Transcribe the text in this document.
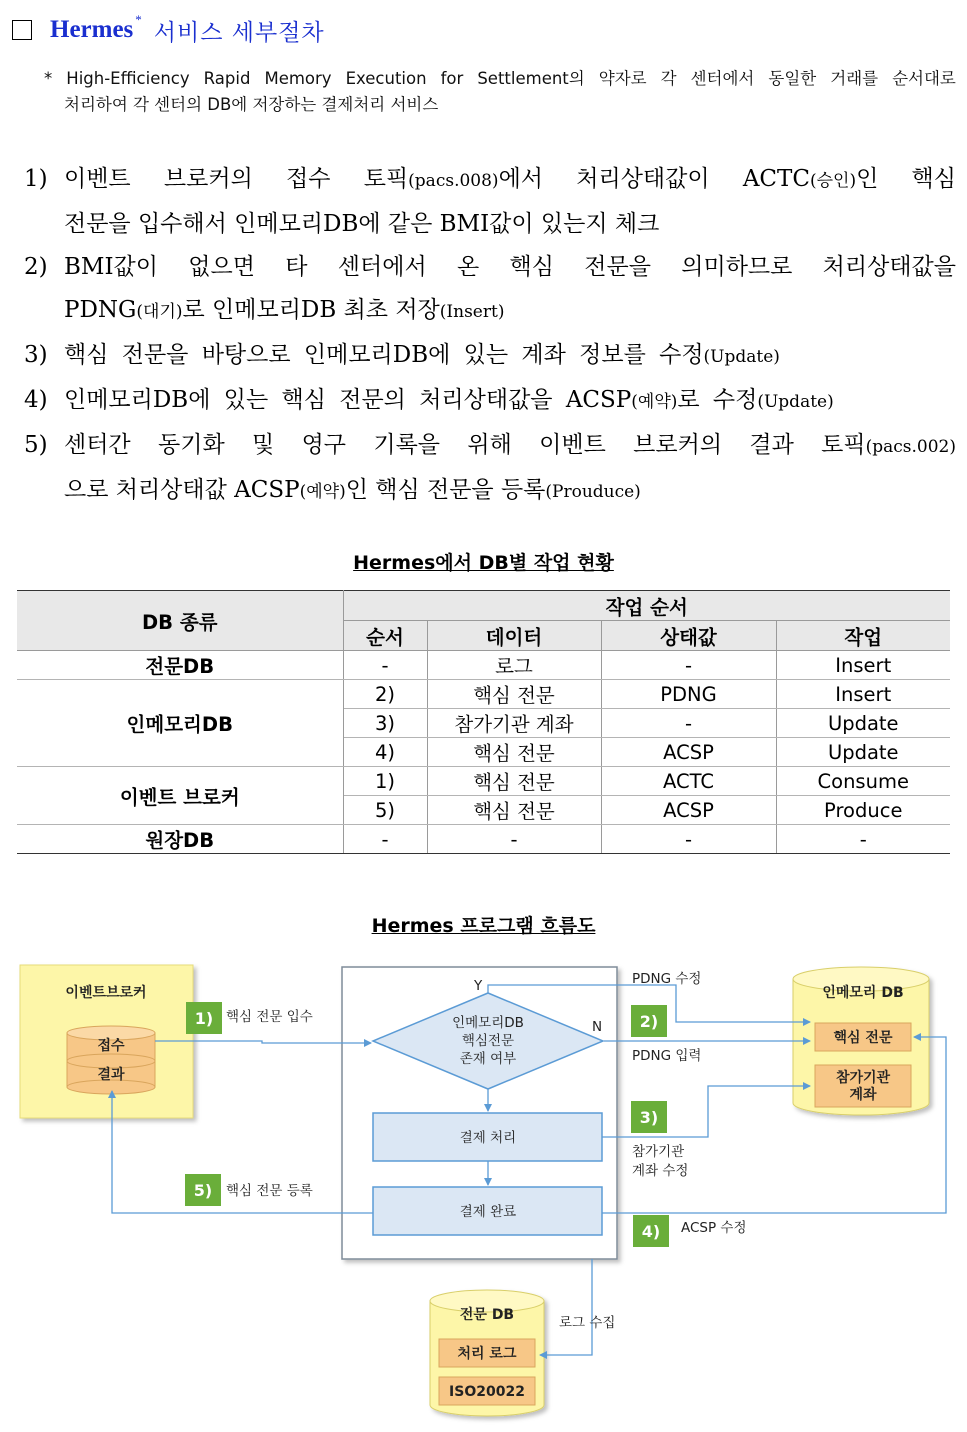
Hermes * 서비스 세부절차
* High-Efficiency Rapid Memory Execution for Settlement의 약자로 각 센터에서 동일한 거래를 순서대로
처리하여 각 센터의 DB에 저장하는 결제처리 서비스
1) 이벤트 브로커의 접수 토픽(pacs.008)에서 처리상태값이 ACTC(승인)인 핵심
전문을 입수해서 인메모리DB에 같은 BMI값이 있는지 체크
2) BMI값이 없으면 타 센터에서 온 핵심 전문을 의미하므로 처리상태값을
PDNG(대기)로 인메모리DB 최초 저장(Insert)
3) 핵심 전문을 바탕으로 인메모리DB에 있는 계좌 정보를 수정(Update)
4) 인메모리DB에 있는 핵심 전문의 처리상태값을 ACSP(예약)로 수정(Update)
5) 센터간 동기화 및 영구 기록을 위해 이벤트 브로커의 결과 토픽(pacs.002)
으로 처리상태값 ACSP(예약)인 핵심 전문을 등록(Prouduce)
Hermes에서 DB별 작업 현황
DB 종류	작업 순서			
	순서	데이터	상태값	작업
전문DB	-	로그	-	Insert
인메모리DB	2)	핵심 전문	PDNG	Insert
	3)	참가기관 계좌	-	Update
	4)	핵심 전문	ACSP	Update
이벤트 브로커	1)	핵심 전문	ACTC	Consume
	5)	핵심 전문	ACSP	Produce
원장DB	-	-	-	-
Hermes 프로그램 흐름도
이벤트브로커
접수
결과
인메모리DB
핵심전문
존재 여부
Y
N
결제 처리
결제 완료
인메모리 DB
핵심 전문
참가기관
계좌
전문 DB
처리 로그
ISO20022
1) 핵심 전문 입수	2)
PDNG 수정
PDNG 입력
3)
참가기관
계좌 수정
4) ACSP 수정
5) 핵심 전문 등록
로그 수집
